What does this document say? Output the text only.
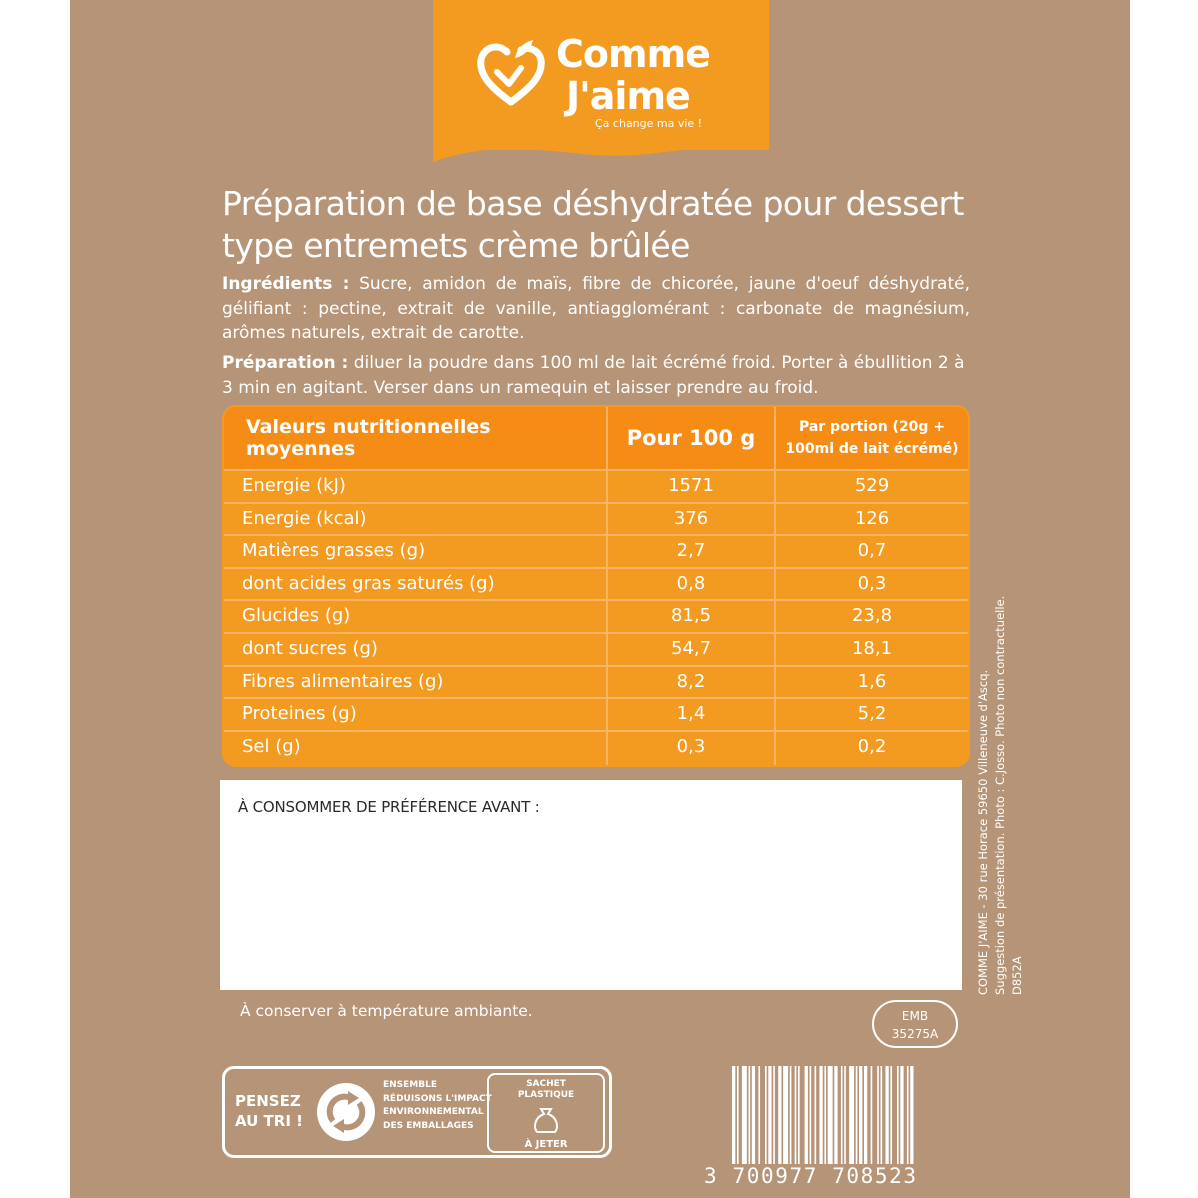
Comme
J'aime
Ça change ma vie !
Préparation de base déshydratée pour dessert type entremets crème brûlée
Ingrédients : Sucre, amidon de maïs, fibre de chicorée, jaune d'oeuf déshydraté, gélifiant : pectine, extrait de vanille, antiagglomérant : carbonate de magnésium, arômes naturels, extrait de carotte.
Préparation : diluer la poudre dans 100 ml de lait écrémé froid. Porter à ébullition 2 à 3 min en agitant. Verser dans un ramequin et laisser prendre au froid.
Valeurs nutritionnelles moyennes	Pour 100 g	Par portion (20g + 100ml de lait écrémé)
Energie (kJ)	1571	529
Energie (kcal)	376	126
Matières grasses (g)	2,7	0,7
dont acides gras saturés (g)	0,8	0,3
Glucides (g)	81,5	23,8
dont sucres (g)	54,7	18,1
Fibres alimentaires (g)	8,2	1,6
Proteines (g)	1,4	5,2
Sel (g)	0,3	0,2
À CONSOMMER DE PRÉFÉRENCE AVANT :
À conserver à température ambiante.	EMB
35275A
COMME J'AIME - 30 rue Horace 59650 Villeneuve d'Ascq. Suggestion de présentation. Photo : C.Josso. Photo non contractuelle. D852A
PENSEZ
AU TRI !
ENSEMBLE
RÉDUISONS L'IMPACT
ENVIRONNEMENTAL
DES EMBALLAGES
SACHET
PLASTIQUE
À JETER
3 700977 708523
